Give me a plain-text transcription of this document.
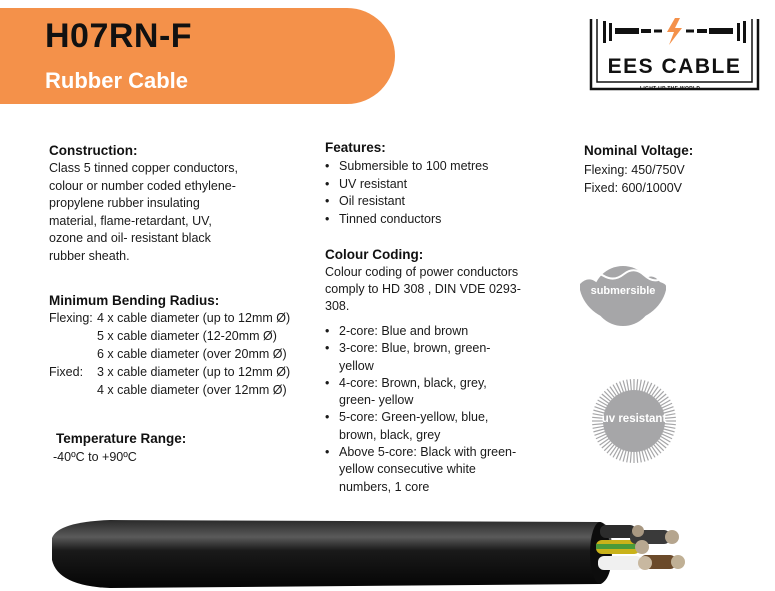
H07RN-F
Rubber Cable
EES CABLE
LIGHT UP THE WORLD
Construction:
Class 5 tinned copper conductors,
colour or number coded ethylene-
propylene rubber insulating
material, flame-retardant, UV,
ozone and oil- resistant black
rubber sheath.
Minimum Bending Radius:
Flexing: 4 x cable diameter (up to 12mm Ø)
5 x cable diameter (12-20mm Ø)
6 x cable diameter (over 20mm Ø)
Fixed: 3 x cable diameter (up to 12mm Ø)
4 x cable diameter (over 12mm Ø)
Temperature Range:
-40ºC to +90ºC
Features:
• Submersible to 100 metres
• UV resistant
• Oil resistant
• Tinned conductors
Colour Coding:
Colour coding of power conductors
comply to HD 308 , DIN VDE 0293-
308.
• 2-core: Blue and brown
• 3-core: Blue, brown, green-
yellow
• 4-core: Brown, black, grey,
green- yellow
• 5-core: Green-yellow, blue,
brown, black, grey
• Above 5-core: Black with green-
yellow consecutive white
numbers, 1 core
Nominal Voltage:
Flexing: 450/750V
Fixed: 600/1000V
submersible
uv resistant
